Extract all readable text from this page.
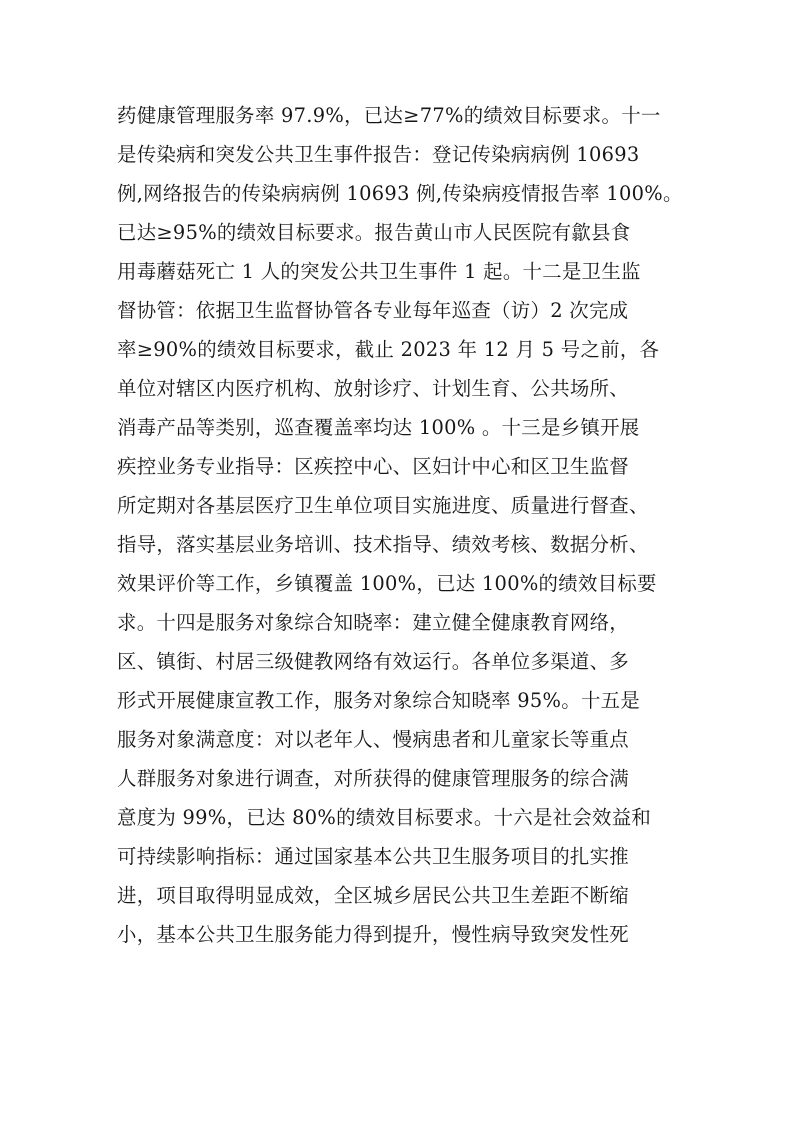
药健康管理服务率 97.9%，已达≥77%的绩效目标要求。十一
是传染病和突发公共卫生事件报告：登记传染病病例 10693
例,网络报告的传染病病例 10693 例,传染病疫情报告率 100%。
已达≥95%的绩效目标要求。报告黄山市人民医院有歙县食
用毒蘑菇死亡 1 人的突发公共卫生事件 1 起。十二是卫生监
督协管：依据卫生监督协管各专业每年巡查（访）2 次完成
率≥90%的绩效目标要求，截止 2023 年 12 月 5 号之前，各
单位对辖区内医疗机构、放射诊疗、计划生育、公共场所、
消毒产品等类别，巡查覆盖率均达 100% 。十三是乡镇开展
疾控业务专业指导：区疾控中心、区妇计中心和区卫生监督
所定期对各基层医疗卫生单位项目实施进度、质量进行督查、
指导，落实基层业务培训、技术指导、绩效考核、数据分析、
效果评价等工作，乡镇覆盖 100%，已达 100%的绩效目标要
求。十四是服务对象综合知晓率：建立健全健康教育网络，
区、镇街、村居三级健教网络有效运行。各单位多渠道、多
形式开展健康宣教工作，服务对象综合知晓率 95%。十五是
服务对象满意度：对以老年人、慢病患者和儿童家长等重点
人群服务对象进行调查，对所获得的健康管理服务的综合满
意度为 99%，已达 80%的绩效目标要求。十六是社会效益和
可持续影响指标：通过国家基本公共卫生服务项目的扎实推
进，项目取得明显成效，全区城乡居民公共卫生差距不断缩
小，基本公共卫生服务能力得到提升，慢性病导致突发性死
